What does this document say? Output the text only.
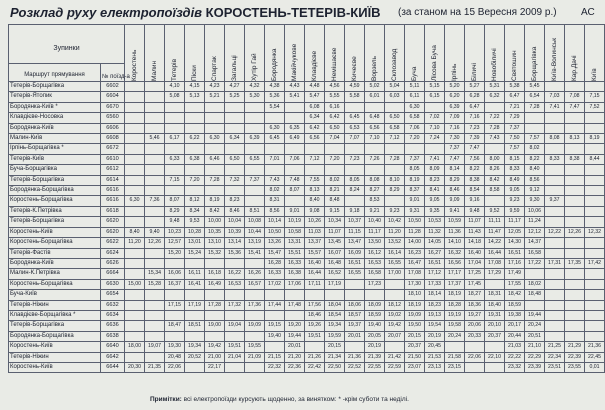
Розклад руху електропоїздів КОРОСТЕНЬ-ТЕТЕРІВ-КИЇВ (за станом на 15 Вересня 2009 р.) АС
Зупинки		Коростень	Малин	Тетерів	Піски	Спартак	Загальці	Хутір Гай	Бородянка	Макійчукове	Клавдієве	Немішаєве	Кичеєве	Ворзель	Склозавод	Буча	Лісова Буча	Ірпінь	Біличі	Новобіличі	Святошин	Борщагівка	Київ-Волинськ	Кар.Дачі	Київ

Маршрут прямування	№ поїзд-а																								

Тетерів-Борщагівка	6602			4,10	4,15	4,23	4,27	4,32	4,38	4,43	4,48	4,56	4,59	5,02	5,04	5,11	5,15	5,20	5,27	5,31	5,38	5,45			
Тетерів-Ятопик	6604			5,08	5,13	5,21	5,25	5,30	5,36	5,41	5,47	5,55	5,58	6,01	6,03	6,11	6,15	6,20	6,28	6,32	6,47	6,54	7,03	7,08	7,15
Бородянка-Київ *	6670								5,54		6,08	6,16				6,30		6,39	6,47		7,21	7,28	7,41	7,47	7,52
Клавдієве-Носовка	6560										6,34	6,42	6,45	6,48	6,50	6,58	7,02	7,09	7,16	7,22	7,29				
Бородянка-Київ	6606								6,30	6,35	6,42	6,50	6,53	6,56	6,58	7,06	7,10	7,16	7,23	7,28	7,37				
Малин-Київ	6608		5,46	6,17	6,22	6,30	6,34	6,39	6,45	6,49	6,56	7,04	7,07	7,10	7,12	7,20	7,24	7,30	7,39	7,43	7,50	7,57	8,08	8,13	8,19
Ірпінь-Борщагівка *	6672																	7,37	7,47		7,57	8,02			
Тетерів-Київ	6610			6,33	6,38	6,46	6,50	6,55	7,01	7,06	7,12	7,20	7,23	7,26	7,28	7,37	7,41	7,47	7,56	8,00	8,15	8,22	8,33	8,38	8,44
Буча-Борщагівка	6612															8,05	8,09	8,14	8,22	8,26	8,33	8,40			
Тетерів-Борщагівка	6614			7,15	7,20	7,28	7,32	7,37	7,43	7,48	7,55	8,02	8,05	8,08	8,10	8,19	8,23	8,29	8,38	8,42	8,49	8,56			
Бородянка-Борщагівка	6616								8,02	8,07	8,13	8,21	8,24	8,27	8,29	8,37	8,41	8,46	8,54	8,58	9,05	9,12			
Коростень-Борщагівка	6616	6,30	7,36	8,07	8,12	8,19	8,23		8,31		8,40	8,48		8,53		9,01	9,05	9,09	9,16		9,23	9,30	9,37		
Тетерів-К.Петрівка	6618			8,29	8,34	8,42	8,46	8,51	8,56	9,01	9,08	9,15	9,18	9,21	9,23	9,31	9,35	9,41	9,48	9,52	9,59	10,06			
Тетерів-Борщагівка	6620			9,48	9,53	10,00	10,04	10,08	10,14	10,19	10,26	10,34	10,37	10,40	10,42	10,50	10,53	10,59	11,07	11,11	11,17	11,24			
Коростень-Київ	6620	8,40	9,40	10,23	10,28	10,35	10,39	10,44	10,50	10,58	11,03	11,07	11,15	11,17	11,20	11,28	11,32	11,36	11,43	11,47	12,05	12,12	12,22	12,26	12,32
Коростень-Борщагівка	6622	11,20	12,26	12,57	13,01	13,10	13,14	13,19	13,26	13,31	13,37	13,45	13,47	13,50	13,52	14,00	14,05	14,10	14,18	14,22	14,30	14,37			
Тетерів-Фастів	6624			15,20	15,24	15,32	15,36	15,41	15,47	15,51	15,57	16,07	16,09	16,12	16,14	16,23	16,27	16,32	16,40	16,44	16,51	16,58			
Бородянка-Київ	6626								16,28	16,33	16,40	16,48	16,51	16,53	16,55	16,47	16,51	16,56	17,04	17,08	17,16	17,22	17,31	17,35	17,42
Малин-К.Петрівка	6664		15,34	16,06	16,11	16,18	16,22	16,26	16,33	16,38	16,44	16,52	16,55	16,58	17,00	17,08	17,12	17,17	17,25	17,29	17,49				
Коростень-Борщагівка	6630	15,00	15,28	16,37	16,41	16,49	16,53	16,57	17,02	17,06	17,11	17,19		17,23		17,30	17,33	17,37	17,45		17,55	18,02			
Буча-Київ	6654															18,10	18,14	18,19	18,27	18,31	18,42	18,48			
Тетерів-Ніжин	6632			17,15	17,19	17,28	17,32	17,36	17,44	17,48	17,56	18,04	18,06	18,09	18,12	18,19	18,23	18,28	18,36	18,40	18,59				
Клавдієве-Борщагівка *	6634										18,46	18,54	18,57	18,59	19,02	19,09	19,13	19,19	19,27	19,31	19,38	19,44			
Тетерів-Борщагівка	6636			18,47	18,51	19,00	19,04	19,09	19,15	19,20	19,26	19,34	19,37	19,40	19,42	19,50	19,54	19,58	20,06	20,10	20,17	20,24			
Бородянка-Борщагівка	6638								19,40	19,44	19,51	19,59	20,01	20,05	20,07	20,15	20,19	20,24	20,33	20,37	20,44	20,51			
Коростень-Київ	6640	18,00	19,07	19,30	19,34	19,42	19,51	19,55		20,01		20,15		20,19		20,37	20,45				21,03	21,10	21,25	21,29	21,36
Тетерів-Ніжин	6642			20,48	20,52	21,00	21,04	21,09	21,15	21,20	21,26	21,34	21,36	21,39	21,42	21,50	21,53	21,58	22,06	22,10	22,22	22,29	22,34	22,39	22,45
Коростень-Київ	6644	20,30	21,35	22,06		22,17			22,32	22,36	22,42	22,50	22,52	22,55	22,59	23,07	23,13	23,15			23,32	23,39	23,51	23,55	0,01
Примітки: всі електропоїзди курсують щоденно, за винятком: * -крім суботи та неділі.
